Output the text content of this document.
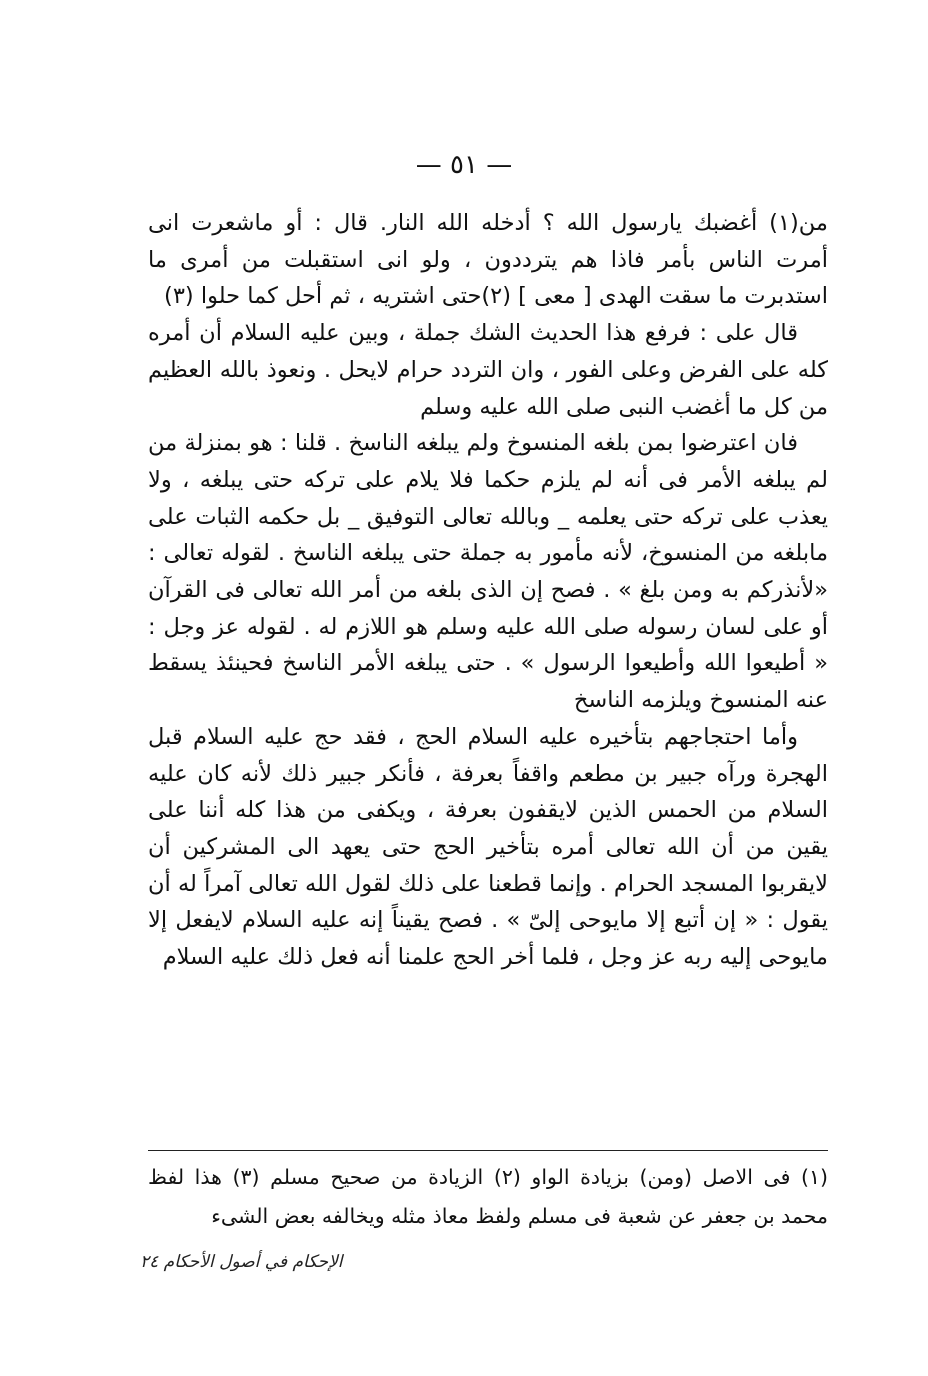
— ٥١ —

من(١) أغضبك يارسول الله ؟ أدخله الله النار. قال : أو ماشعرت انى أمرت الناس بأمر فاذا هم يترددون ، ولو انى استقبلت من أمرى ما استدبرت ما سقت الهدى [ معى ] (٢)حتى اشتريه ، ثم أحل كما حلوا (٣)

قال على : فرفع هذا الحديث الشك جملة ، وبين عليه السلام أن أمره كله على الفرض وعلى الفور ، وان التردد حرام لايحل . ونعوذ بالله العظيم من كل ما أغضب النبى صلى الله عليه وسلم

فان اعترضوا بمن بلغه المنسوخ ولم يبلغه الناسخ . قلنا : هو بمنزلة من لم يبلغه الأمر فى أنه لم يلزم حكما فلا يلام على تركه حتى يبلغه ، ولا يعذب على تركه حتى يعلمه _ وبالله تعالى التوفيق _ بل حكمه الثبات على مابلغه من المنسوخ، لأنه مأمور به جملة حتى يبلغه الناسخ . لقوله تعالى : «لأنذركم به ومن بلغ » . فصح إن الذى بلغه من أمر الله تعالى فى القرآن أو على لسان رسوله صلى الله عليه وسلم هو اللازم له . لقوله عز وجل : « أطيعوا الله وأطيعوا الرسول » . حتى يبلغه الأمر الناسخ فحينئذ يسقط عنه المنسوخ ويلزمه الناسخ

وأما احتجاجهم بتأخيره عليه السلام الحج ، فقد حج عليه السلام قبل الهجرة ورآه جبير بن مطعم واقفاً بعرفة ، فأنكر جبير ذلك لأنه كان عليه السلام من الحمس الذين لايقفون بعرفة ، ويكفى من هذا كله أننا على يقين من أن الله تعالى أمره بتأخير الحج حتى يعهد الى المشركين أن لايقربوا المسجد الحرام . وإنما قطعنا على ذلك لقول الله تعالى آمراً له أن يقول : « إن أتبع إلا مايوحى إلىّ » . فصح يقيناً إنه عليه السلام لايفعل إلا مايوحى إليه ربه عز وجل ، فلما أخر الحج علمنا أنه فعل ذلك عليه السلام

(١) فى الاصل (ومن) بزيادة الواو (٢) الزيادة من صحيح مسلم (٣) هذا لفظ محمد بن جعفر عن شعبة فى مسلم ولفظ معاذ مثله ويخالفه بعض الشىء

الإحكام في أصول الأحكام ٢٤
